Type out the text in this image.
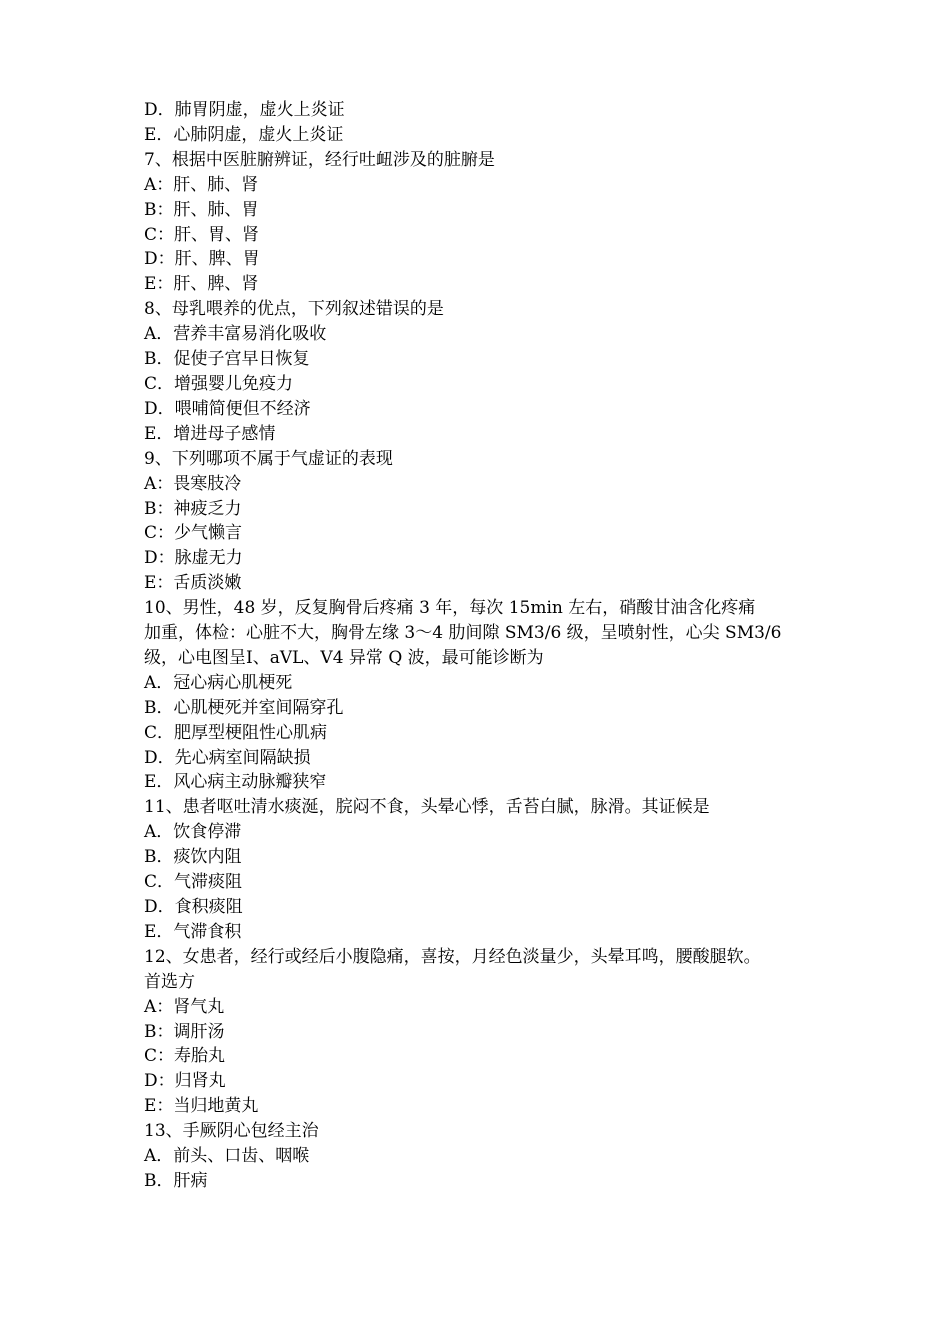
D．肺胃阴虚，虚火上炎证
E．心肺阴虚，虚火上炎证
7、根据中医脏腑辨证，经行吐衄涉及的脏腑是
A：肝、肺、肾
B：肝、肺、胃
C：肝、胃、肾
D：肝、脾、胃
E：肝、脾、肾
8、母乳喂养的优点，下列叙述错误的是
A．营养丰富易消化吸收
B．促使子宫早日恢复
C．增强婴儿免疫力
D．喂哺简便但不经济
E．增进母子感情
9、下列哪项不属于气虚证的表现
A：畏寒肢冷
B：神疲乏力
C：少气懒言
D：脉虚无力
E：舌质淡嫩
10、男性，48 岁，反复胸骨后疼痛 3 年，每次 15min 左右，硝酸甘油含化疼痛
加重，体检：心脏不大，胸骨左缘 3～4 肋间隙 SM3/6 级，呈喷射性，心尖 SM3/6
级，心电图呈Ⅰ、aVL、V4 异常 Q 波，最可能诊断为
A．冠心病心肌梗死
B．心肌梗死并室间隔穿孔
C．肥厚型梗阻性心肌病
D．先心病室间隔缺损
E．风心病主动脉瓣狭窄
11、患者呕吐清水痰涎，脘闷不食，头晕心悸，舌苔白腻，脉滑。其证候是
A．饮食停滞
B．痰饮内阻
C．气滞痰阻
D．食积痰阻
E．气滞食积
12、女患者，经行或经后小腹隐痛，喜按，月经色淡量少，头晕耳鸣，腰酸腿软。
首选方
A：肾气丸
B：调肝汤
C：寿胎丸
D：归肾丸
E：当归地黄丸
13、手厥阴心包经主治
A．前头、口齿、咽喉
B．肝病
